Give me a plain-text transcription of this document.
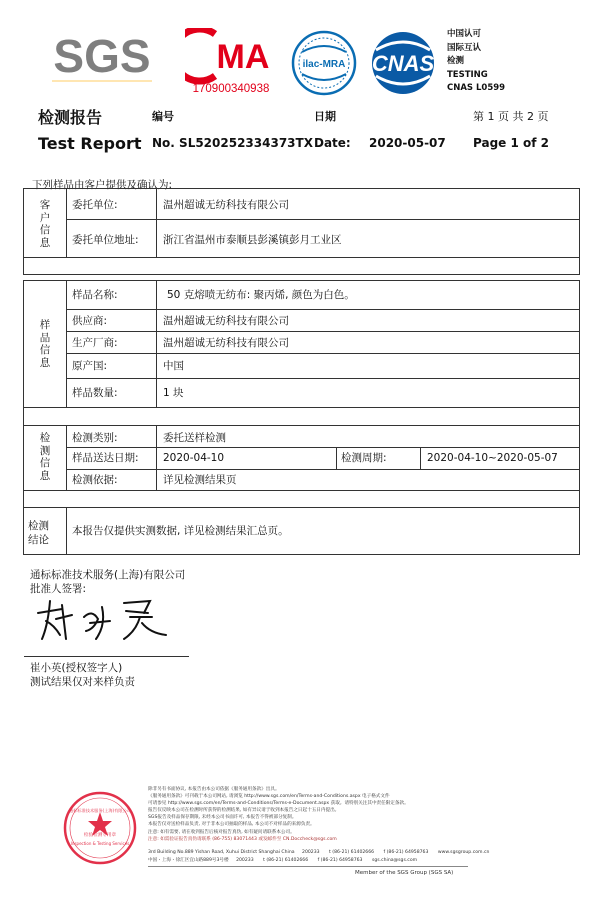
SGS MA
170900340938
ilac-MRA CNAS
中国认可
国际互认
检测
TESTING
CNAS L0599
检测报告	编号	日期	第 1 页 共 2 页
Test Report No. SL520252334373TX Date: 2020-05-07 Page 1 of 2
下列样品由客户提供及确认为:
客
户
信
息
委托单位:	温州超诚无纺科技有限公司
委托单位地址: 浙江省温州市泰顺县彭溪镇彭月工业区
样
品
信
息
样品名称:	50 克熔喷无纺布: 聚丙烯, 颜色为白色。
供应商:	温州超诚无纺科技有限公司
生产厂商:	温州超诚无纺科技有限公司
原产国:	中国
样品数量:	1 块
检
测
信
息
检测类别:	委托送样检测
样品送达日期: 2020-04-10	检测周期:	2020-04-10~2020-05-07
检测依据:	详见检测结果页
检测
结论
本报告仅提供实测数据, 详见检测结果汇总页。
通标标准技术服务(上海)有限公司
批准人签署:
崔小英(授权签字人)
测试结果仅对来样负责
通标标准技术服务(上海)有限公司
检验检测专用章
Inspection & Testing Services
除非另有书面协议, 本报告由本公司依据《服务通用条款》出具。
《服务通用条款》可刊载于本公司网站, 请浏览 http://www.sgs.com/en/Terms-and-Conditions.aspx 电子格式文件
可请参见 http://www.sgs.com/en/Terms-and-Conditions/Terms-e-Document.aspx 获取。请特别关注其中责任限定条款。
报告仅反映本公司在检测时所获得的检测结果, 如有异议请于收到本报告之日起十五日内提出。
SGS报告及样品保存期限, 未经本公司书面许可, 本报告不得被部分复制。
本报告仅对送检样品负责, 对于非本公司抽取的样品, 本公司不对样品的来源负责。
注意: 如有需要, 请在收到报告后核对报告真伪, 如有疑问请联系本公司。
注意: 如需验证报告真伪请联系 (86-755) 83071443 或发邮件至 CN.Doccheck@sgs.com
3rd Building No.889 Yishan Road, Xuhui District Shanghai China 200233 t (86-21) 61402666 f (86-21) 64958763 www.sgsgroup.com.cn
中国・上海・徐汇区宜山路889号3号楼 200233 t (86-21) 61402666 f (86-21) 64958763 sgs.china@sgs.com
Member of the SGS Group (SGS SA)
